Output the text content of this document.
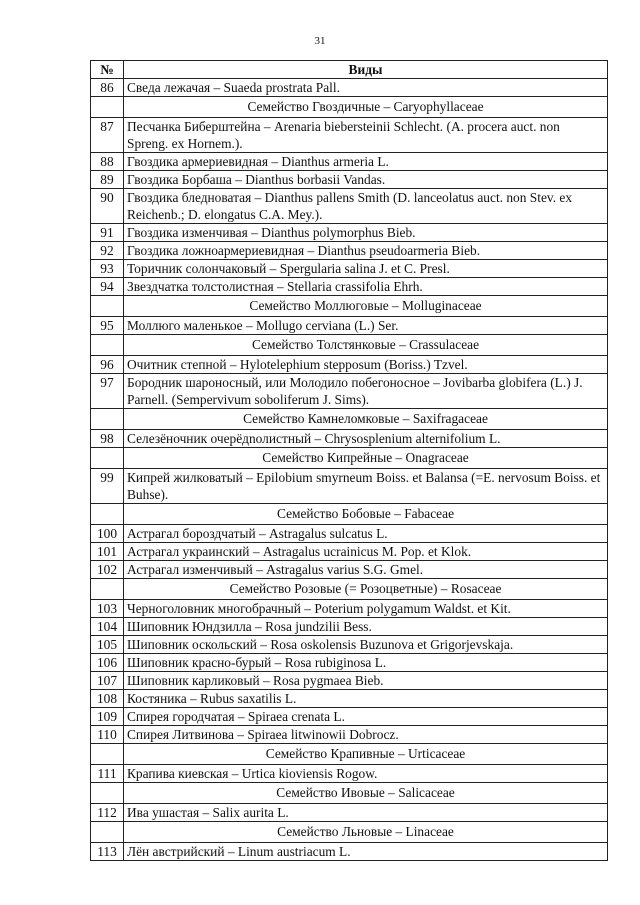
31
№	Виды
86	Сведа лежачая – Suaeda prostrata Pall.
	Семейство Гвоздичные – Caryophyllaceae
87	Песчанка Биберштейна – Arenaria biebersteinii Schlecht. (A. procera auct. non Spreng. ex Hornem.).
88	Гвоздика армериевидная – Dianthus armeria L.
89	Гвоздика Борбаша – Dianthus borbasii Vandas.
90	Гвоздика бледноватая – Dianthus pallens Smith (D. lanceolatus auct. non Stev. ex Reichenb.; D. elongatus C.A. Mey.).
91	Гвоздика изменчивая – Dianthus polymorphus Bieb.
92	Гвоздика ложноармериевидная – Dianthus pseudoarmeria Bieb.
93	Торичник солончаковый – Spergularia salina J. et C. Presl.
94	Звездчатка толстолистная – Stellaria crassifolia Ehrh.
	Семейство Моллюговые – Molluginaceae
95	Моллюго маленькое – Mollugo cerviana (L.) Ser.
	Семейство Толстянковые – Crassulaceae
96	Очитник степной – Hylotelephium stepposum (Boriss.) Tzvel.
97	Бородник шароносный, или Молодило побегоносное – Jovibarba globifera (L.) J. Parnell. (Sempervivum soboliferum J. Sims).
	Семейство Камнеломковые – Saxifragaceae
98	Селезёночник очерёдnолистный – Chrysosplenium alternifolium L.
	Семейство Кипрейные – Onagraceae
99	Кипрей жилковатый – Epilobium smyrneum Boiss. et Balansa (=E. nervosum Boiss. et Buhse).
	Семейство Бобовые – Fabaceae
100	Астрагал бороздчатый – Astragalus sulcatus L.
101	Астрагал украинский – Astragalus ucrainicus M. Pop. et Klok.
102	Астрагал изменчивый – Astragalus varius S.G. Gmel.
	Семейство Розовые (= Розоцветные) – Rosaceae
103	Черноголовник многобрачный – Poterium polygamum Waldst. et Kit.
104	Шиповник Юндзилла – Rosa jundzilii Bess.
105	Шиповник оскольский – Rosa oskolensis Buzunova et Grigorjevskaja.
106	Шиповник красно-бурый – Rosa rubiginosa L.
107	Шиповник карликовый – Rosa pygmaea Bieb.
108	Костяника – Rubus saxatilis L.
109	Спирея городчатая – Spiraea crenata L.
110	Спирея Литвинова – Spiraea litwinowii Dobrocz.
	Семейство Крапивные – Urticaceae
111	Крапива киевская – Urtica kioviensis Rogow.
	Семейство Ивовые – Salicaceae
112	Ива ушастая – Salix aurita L.
	Семейство Льновые – Linaceae
113	Лён австрийский – Linum austriacum L.
